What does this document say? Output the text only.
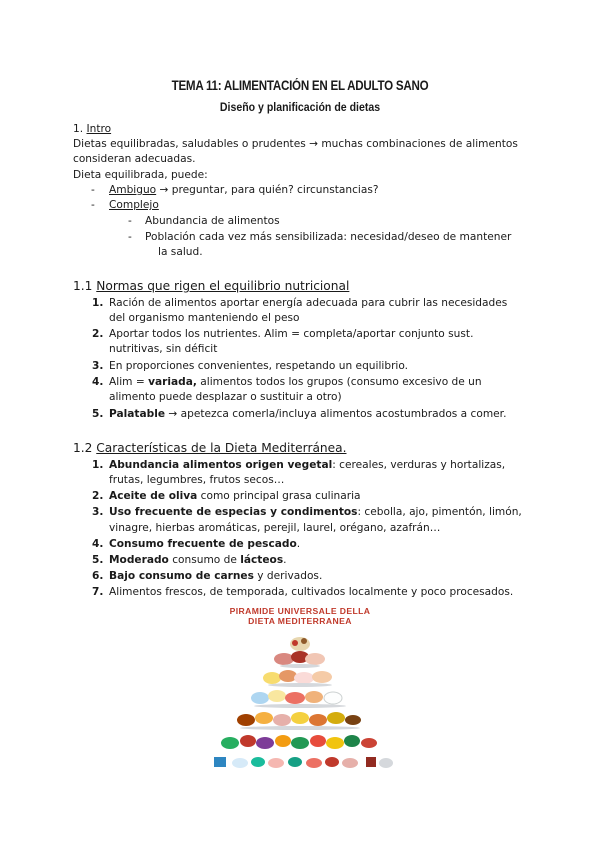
TEMA 11: ALIMENTACIÓN EN EL ADULTO SANO
Diseño y planificación de dietas
1. Intro
Dietas equilibradas, saludables o prudentes → muchas combinaciones de alimentos
consideran adecuadas.
Dieta equilibrada, puede:
- Ambiguo → preguntar, para quién? circunstancias?
- Complejo
- Abundancia de alimentos
- Población cada vez más sensibilizada: necesidad/deseo de mantener
la salud.
1.1 Normas que rigen el equilibrio nutricional
1. Ración de alimentos aportar energía adecuada para cubrir las necesidades
del organismo manteniendo el peso
2. Aportar todos los nutrientes. Alim = completa/aportar conjunto sust.
nutritivas, sin déficit
3. En proporciones convenientes, respetando un equilibrio.
4. Alim = variada, alimentos todos los grupos (consumo excesivo de un
alimento puede desplazar o sustituir a otro)
5. Palatable → apetezca comerla/incluya alimentos acostumbrados a comer.
1.2 Características de la Dieta Mediterránea.
1. Abundancia alimentos origen vegetal: cereales, verduras y hortalizas,
frutas, legumbres, frutos secos…
2. Aceite de oliva como principal grasa culinaria
3. Uso frecuente de especias y condimentos: cebolla, ajo, pimentón, limón,
vinagre, hierbas aromáticas, perejil, laurel, orégano, azafrán…
4. Consumo frecuente de pescado.
5. Moderado consumo de lácteos.
6. Bajo consumo de carnes y derivados.
7. Alimentos frescos, de temporada, cultivados localmente y poco procesados.
PIRAMIDE UNIVERSALE DELLA
DIETA MEDITERRANEA
